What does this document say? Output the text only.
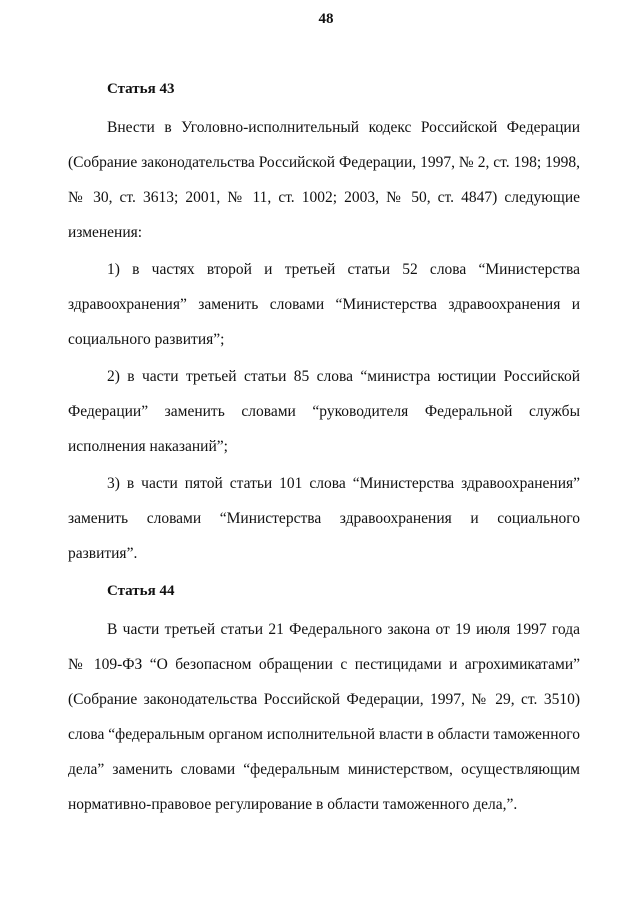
48
Статья 43
Внести в Уголовно-исполнительный кодекс Российской Федерации
(Собрание законодательства Российской Федерации, 1997, № 2, ст. 198; 1998,
№ 30, ст. 3613; 2001, № 11, ст. 1002; 2003, № 50, ст. 4847) следующие
изменения:
1) в частях второй и третьей статьи 52 слова “Министерства
здравоохранения” заменить словами “Министерства здравоохранения и
социального развития”;
2) в части третьей статьи 85 слова “министра юстиции Российской
Федерации” заменить словами “руководителя Федеральной службы
исполнения наказаний”;
3) в части пятой статьи 101 слова “Министерства здравоохранения”
заменить словами “Министерства здравоохранения и социального
развития”.
Статья 44
В части третьей статьи 21 Федерального закона от 19 июля 1997 года
№ 109-ФЗ “О безопасном обращении с пестицидами и агрохимикатами”
(Собрание законодательства Российской Федерации, 1997, № 29, ст. 3510)
слова “федеральным органом исполнительной власти в области таможенного
дела” заменить словами “федеральным министерством, осуществляющим
нормативно-правовое регулирование в области таможенного дела,”.
